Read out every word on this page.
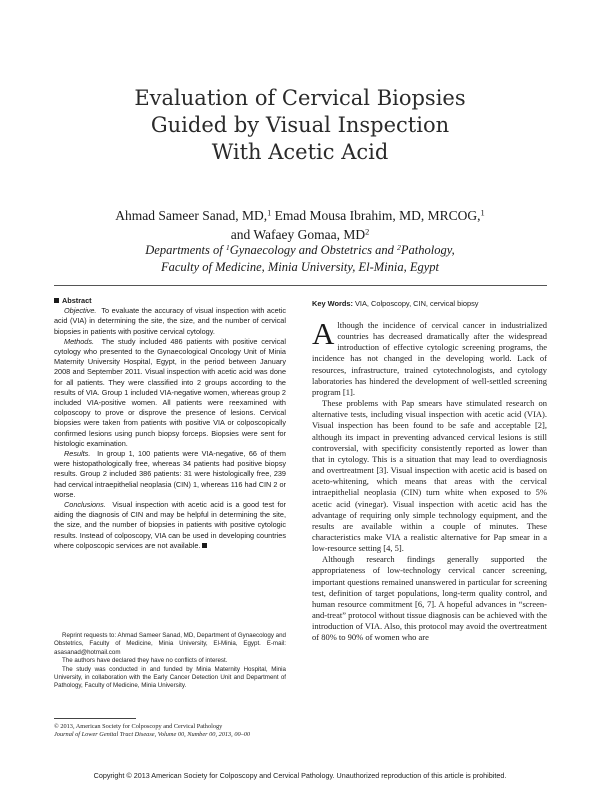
Evaluation of Cervical Biopsies
Guided by Visual Inspection
With Acetic Acid
Ahmad Sameer Sanad, MD,$^1$ Emad Mousa Ibrahim, MD, MRCOG,$^1$
and Wafaey Gomaa, $MD^2$
Departments of $^1$Gynaecology and Obstetrics and $^2$Pathology,
Faculty of Medicine, Minia University, El-Minia, Egypt

Abstract

Objective. To evaluate the accuracy of visual inspection with acetic acid (VIA) in determining the site, the size, and the number of cervical biopsies in patients with positive cervical cytology.

Methods. The study included 486 patients with positive cervical cytology who presented to the Gynaecological Oncology Unit of Minia Maternity University Hospital, Egypt, in the period between January 2008 and September 2011. Visual inspection with acetic acid was done for all patients. They were classified into 2 groups according to the results of VIA. Group 1 included VIA-negative women, whereas group 2 included VIA-positive women. All patients were reexamined with colposcopy to prove or disprove the presence of lesions. Cervical biopsies were taken from patients with positive VIA or colposcopically confirmed lesions using punch biopsy forceps. Biopsies were sent for histologic examination.

Results. In group 1, 100 patients were VIA-negative, 66 of them were histopathologically free, whereas 34 patients had positive biopsy results. Group 2 included 386 patients: 31 were histologically free, 239 had cervical intraepithelial neoplasia (CIN) 1, whereas 116 had CIN 2 or worse.

Conclusions. Visual inspection with acetic acid is a good test for aiding the diagnosis of CIN and may be helpful in determining the site, the size, and the number of biopsies in patients with positive cytologic results. Instead of colposcopy, VIA can be used in developing countries where colposcopic services are not available.

Reprint requests to: Ahmad Sameer Sanad, MD, Department of Gynaecology and Obstetrics, Faculty of Medicine, Minia University, El-Minia, Egypt. E-mail: asasanad@hotmail.com

The authors have declared they have no conflicts of interest.

The study was conducted in and funded by Minia Maternity Hospital, Minia University, in collaboration with the Early Cancer Detection Unit and Department of Pathology, Faculty of Medicine, Minia University.

© 2013, American Society for Colposcopy and Cervical Pathology
Journal of Lower Genital Tract Disease, Volume 00, Number 00, 2013, 00–00
Key Words: VIA, Colposcopy, CIN, cervical biopsy

Although the incidence of cervical cancer in industrialized countries has decreased dramatically after the widespread introduction of effective cytologic screening programs, the incidence has not changed in the developing world. Lack of resources, infrastructure, trained cytotechnologists, and cytology laboratories has hindered the development of well-settled screening program [1].

These problems with Pap smears have stimulated research on alternative tests, including visual inspection with acetic acid (VIA). Visual inspection has been found to be safe and acceptable [2], although its impact in preventing advanced cervical lesions is still controversial, with specificity consistently reported as lower than that in cytology. This is a situation that may lead to overdiagnosis and overtreatment [3]. Visual inspection with acetic acid is based on aceto-whitening, which means that areas with the cervical intraepithelial neoplasia (CIN) turn white when exposed to 5% acetic acid (vinegar). Visual inspection with acetic acid has the advantage of requiring only simple technology equipment, and the results are available within a couple of minutes. These characteristics make VIA a realistic alternative for Pap smear in a low-resource setting [4, 5].

Although research findings generally supported the appropriateness of low-technology cervical cancer screening, important questions remained unanswered in particular for screening test, definition of target populations, long-term quality control, and human resource commitment [6, 7]. A hopeful advances in “screen-and-treat” protocol without tissue diagnosis can be achieved with the introduction of VIA. Also, this protocol may avoid the overtreatment of 80% to 90% of women who are

Copyright © 2013 American Society for Colposcopy and Cervical Pathology. Unauthorized reproduction of this article is prohibited.
